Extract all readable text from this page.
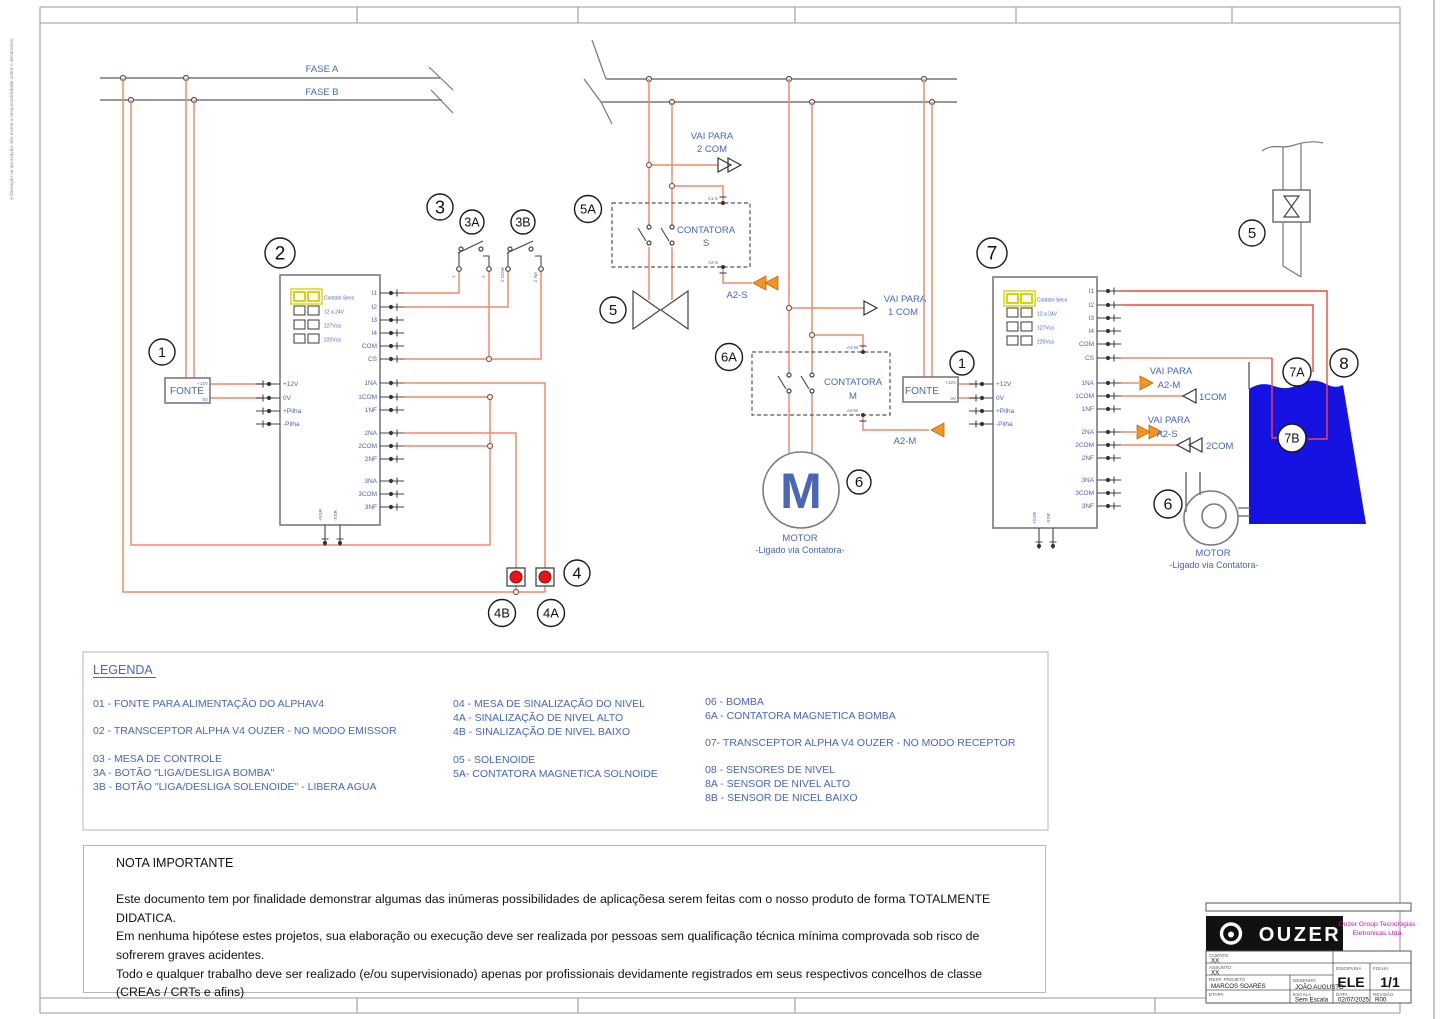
A liberação ou aprovação não exime a responsabilidade sobre o documento	FASE A
FASE B
FONTE
+12V
0V
Contato Seco
12 a 24V
127Vca
220Vca
I1
I2
I3
I4
COM
CS
1NA
1COM
1NF
2NA
2COM
2NF
3NA
3COM
3NF
+12V
0V
+Pilha
-Pilha
+SSR -SSR
1	2	2 COM	2 NA
CONTATORA
S
A1-S
A2-S
A2-S
VAI PARA
2 COM
VAI PARA
1 COM
CONTATORA
M
A1-M
A2-M
A2-M
M
MOTOR
-Ligado via Contatora-
FONTE
+12V
0V
Contato Seco
12 a 24V
127Vca
220Vca
I1
I2
I3
I4
COM
CS
1NA
1COM
1NF
2NA
2COM
2NF
3NA
3COM
3NF
+12V
0V
+Pilha
-Pilha
+SSR -SSR
VAI PARA
A2-M
1COM
VAI PARA
A2-S
2COM
MOTOR
-Ligado via Contatora-
1
2
3
3A	3B
4
4B	4A
5A
5
6A
6
1
7
5
6
7A
7B
8
LEGENDA
01 - FONTE PARA ALIMENTAÇÃO DO ALPHAV4
02 - TRANSCEPTOR ALPHA V4 OUZER - NO MODO EMISSOR
03 - MESA DE CONTROLE
3A - BOTÃO "LIGA/DESLIGA BOMBA"
3B - BOTÃO "LIGA/DESLIGA SOLENOIDE" - LIBERA AGUA
04 - MESA DE SINALIZAÇÃO DO NIVEL
4A - SINALIZAÇÃO DE NIVEL ALTO
4B - SINALIZAÇÃO DE NIVEL BAIXO
05 - SOLENOIDE
5A- CONTATORA MAGNETICA SOLNOIDE
06 - BOMBA
6A - CONTATORA MAGNETICA BOMBA
07- TRANSCEPTOR ALPHA V4 OUZER - NO MODO RECEPTOR
08 - SENSORES DE NIVEL
8A - SENSOR DE NIVEL ALTO
8B - SENSOR DE NICEL BAIXO
OUZER
Ouzer Group Tecnologias
Eletronicas Ltda
CLIENTE
XX
ASSUNTO
XX
RESP. PROJETO
MARCOS SOARES
DESENHO
JOÃO AUGUSTO
ETAPA	ESCALA
Sem Escala
DISCIPLINA
ELE
FOLHA
1/1
DATA
02/07/2025
REVISÃO
R00
NOTA IMPORTANTE
Este documento tem por finalidade demonstrar algumas das inúmeras possibilidades de aplicaçõesa serem feitas com o nosso produto de forma TOTALMENTE DIDATICA.
Em nenhuma hipótese estes projetos, sua elaboração ou execução deve ser realizada por pessoas sem qualificação técnica mínima comprovada sob risco de sofrerem graves acidentes.
Todo e qualquer trabalho deve ser realizado (e/ou supervisionado) apenas por profissionais devidamente registrados em seus respectivos concelhos de classe (CREAs / CRTs e afins)
